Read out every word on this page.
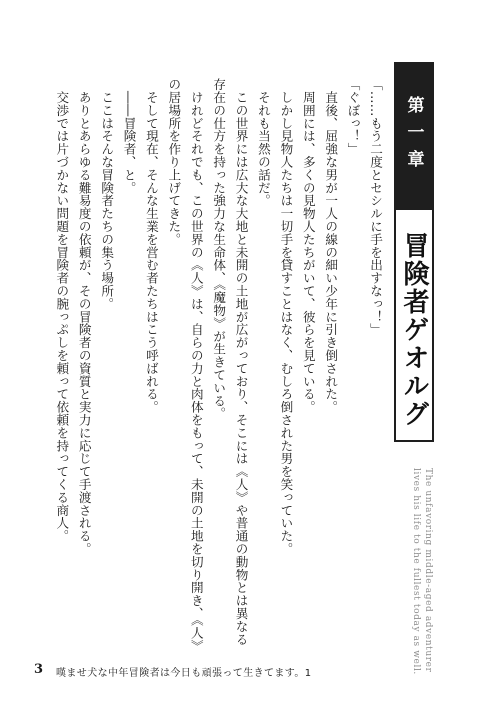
第一章
冒険者ゲオルグ
The unfavoring middle-aged adventurer
lives his life to the fullest today as well.

「……もう二度とセシルに手を出すなっ！」

「ぐぼっ！」

　直後、屈強な男が一人の線の細い少年に引き倒された。

　周囲には、多くの見物人たちがいて、彼らを見ている。

　しかし見物人たちは一切手を貸すことはなく、むしろ倒された男を笑っていた。

　それも当然の話だ。

　この世界には広大な大地と未開の土地が広がっており、そこには《人》や普通の動物とは異なる

存在の仕方を持った強力な生命体、《魔物》が生きている。

　けれどそれでも、この世界の《人》は、自らの力と肉体をもって、未開の土地を切り開き、《人》

の居場所を作り上げてきた。

　そして現在、そんな生業を営む者たちはこう呼ばれる。

　――冒険者、と。

　ここはそんな冒険者たちの集う場所。

　ありとあらゆる難易度の依頼が、その冒険者の資質と実力に応じて手渡される。

　交渉では片づかない問題を冒険者の腕っぷしを頼って依頼を持ってくる商人。

3 嘆ませ犬な中年冒険者は今日も頑張って生きてます。1
